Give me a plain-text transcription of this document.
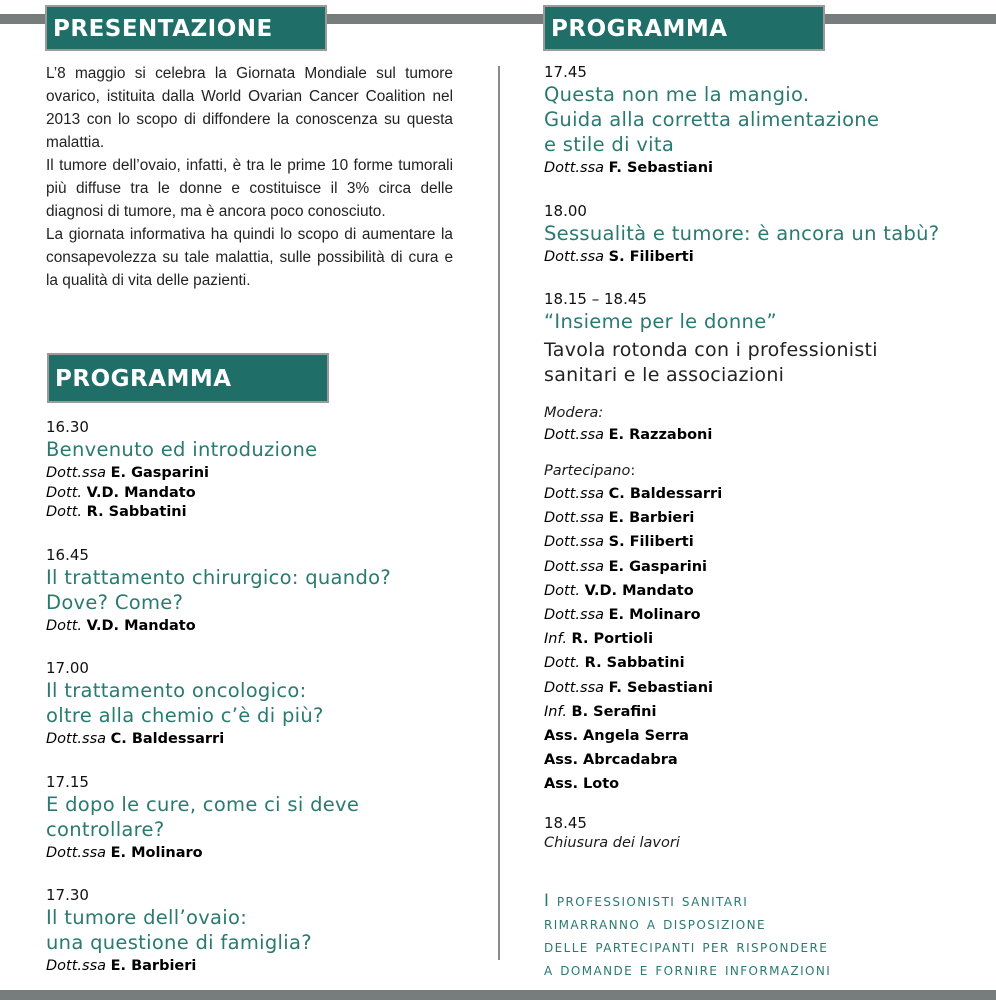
PRESENTAZIONE	PROGRAMMA
PROGRAMMA

L’8 maggio si celebra la Giornata Mondiale sul tumore ovarico, istituita dalla World Ovarian Cancer Coalition nel 2013 con lo scopo di diffondere la conoscenza su questa malattia.

Il tumore dell’ovaio, infatti, è tra le prime 10 forme tumorali più diffuse tra le donne e costituisce il 3% circa delle diagnosi di tumore, ma è ancora poco conosciuto.

La giornata informativa ha quindi lo scopo di aumentare la consapevolezza su tale malattia, sulle possibilità di cura e la qualità di vita delle pazienti.

16.30
Benvenuto ed introduzione
Dott.ssa E. Gasparini
Dott. V.D. Mandato
Dott. R. Sabbatini
16.45
Il trattamento chirurgico: quando?
Dove? Come?
Dott. V.D. Mandato
17.00
Il trattamento oncologico:
oltre alla chemio c’è di più?
Dott.ssa C. Baldessarri
17.15
E dopo le cure, come ci si deve
controllare?
Dott.ssa E. Molinaro
17.30
Il tumore dell’ovaio:
una questione di famiglia?
Dott.ssa E. Barbieri
17.45
Questa non me la mangio.
Guida alla corretta alimentazione
e stile di vita
Dott.ssa F. Sebastiani
18.00
Sessualità e tumore: è ancora un tabù?
Dott.ssa S. Filiberti
18.15 – 18.45
“Insieme per le donne”
Tavola rotonda con i professionisti
sanitari e le associazioni
Modera:
Dott.ssa E. Razzaboni
Partecipano:
Dott.ssa C. Baldessarri
Dott.ssa E. Barbieri
Dott.ssa S. Filiberti
Dott.ssa E. Gasparini
Dott. V.D. Mandato
Dott.ssa E. Molinaro
Inf. R. Portioli
Dott. R. Sabbatini
Dott.ssa F. Sebastiani
Inf. B. Serafini
Ass. Angela Serra
Ass. Abrcadabra
Ass. Loto
18.45
Chiusura dei lavori
I professionisti sanitari
rimarranno a disposizione
delle partecipanti per rispondere
a domande e fornire informazioni
